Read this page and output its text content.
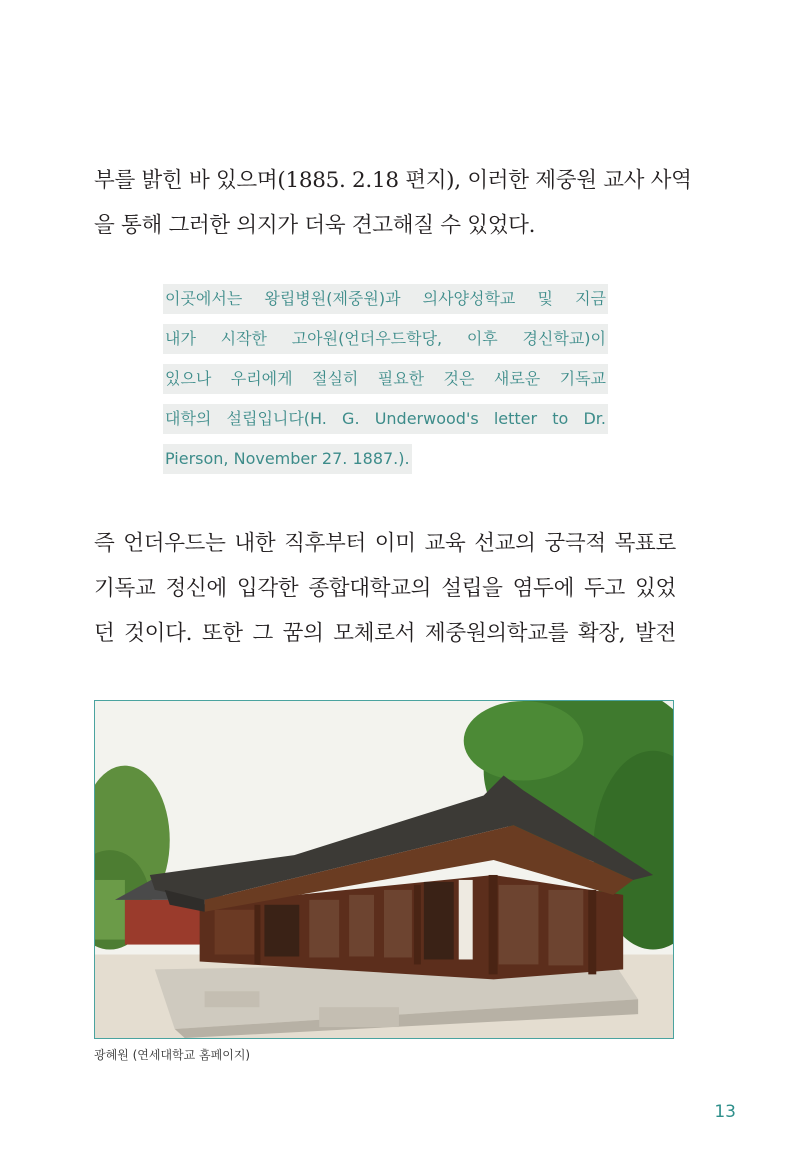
부를 밝힌 바 있으며(1885. 2.18 편지), 이러한 제중원 교사 사역
을 통해 그러한 의지가 더욱 견고해질 수 있었다.
이곳에서는 왕립병원(제중원)과 의사양성학교 및 지금
내가 시작한 고아원(언더우드학당, 이후 경신학교)이
있으나 우리에게 절실히 필요한 것은 새로운 기독교
대학의 설립입니다(H. G. Underwood's letter to Dr.
Pierson, November 27. 1887.).
즉 언더우드는 내한 직후부터 이미 교육 선교의 궁극적 목표로
기독교 정신에 입각한 종합대학교의 설립을 염두에 두고 있었
던 것이다. 또한 그 꿈의 모체로서 제중원의학교를 확장, 발전
광혜원 (연세대학교 홈페이지)
13
